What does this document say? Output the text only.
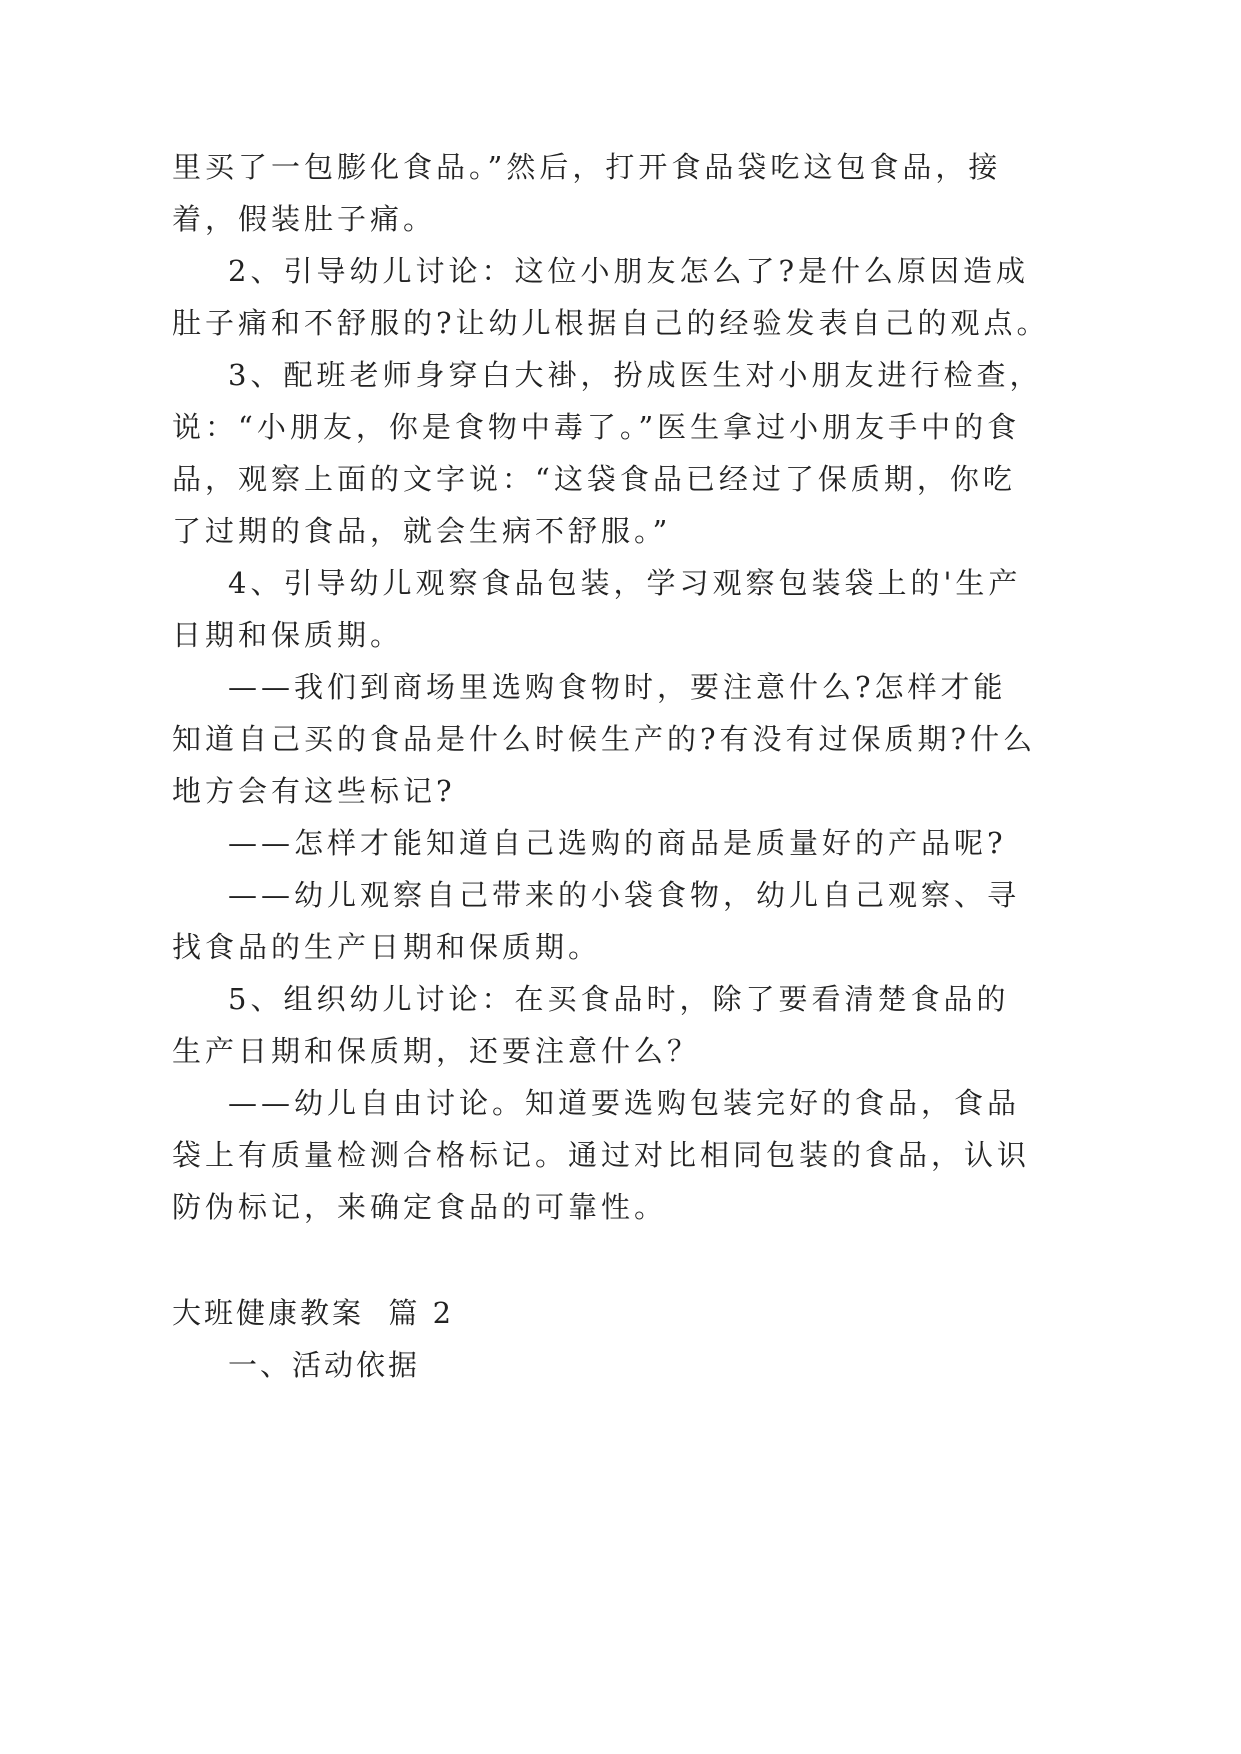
里买了一包膨化食品。”然后，打开食品袋吃这包食品，接
着，假装肚子痛。
2、引导幼儿讨论：这位小朋友怎么了?是什么原因造成
肚子痛和不舒服的?让幼儿根据自己的经验发表自己的观点。
3、配班老师身穿白大褂，扮成医生对小朋友进行检查，
说：“小朋友，你是食物中毒了。”医生拿过小朋友手中的食
品，观察上面的文字说：“这袋食品已经过了保质期，你吃
了过期的食品，就会生病不舒服。”
4、引导幼儿观察食品包装，学习观察包装袋上的'生产
日期和保质期。
——我们到商场里选购食物时，要注意什么?怎样才能
知道自己买的食品是什么时候生产的?有没有过保质期?什么
地方会有这些标记?
——怎样才能知道自己选购的商品是质量好的产品呢?
——幼儿观察自己带来的小袋食物，幼儿自己观察、寻
找食品的生产日期和保质期。
5、组织幼儿讨论：在买食品时，除了要看清楚食品的
生产日期和保质期，还要注意什么？
——幼儿自由讨论。知道要选购包装完好的食品，食品
袋上有质量检测合格标记。通过对比相同包装的食品，认识
防伪标记，来确定食品的可靠性。
大班健康教案  篇 2
一、活动依据
